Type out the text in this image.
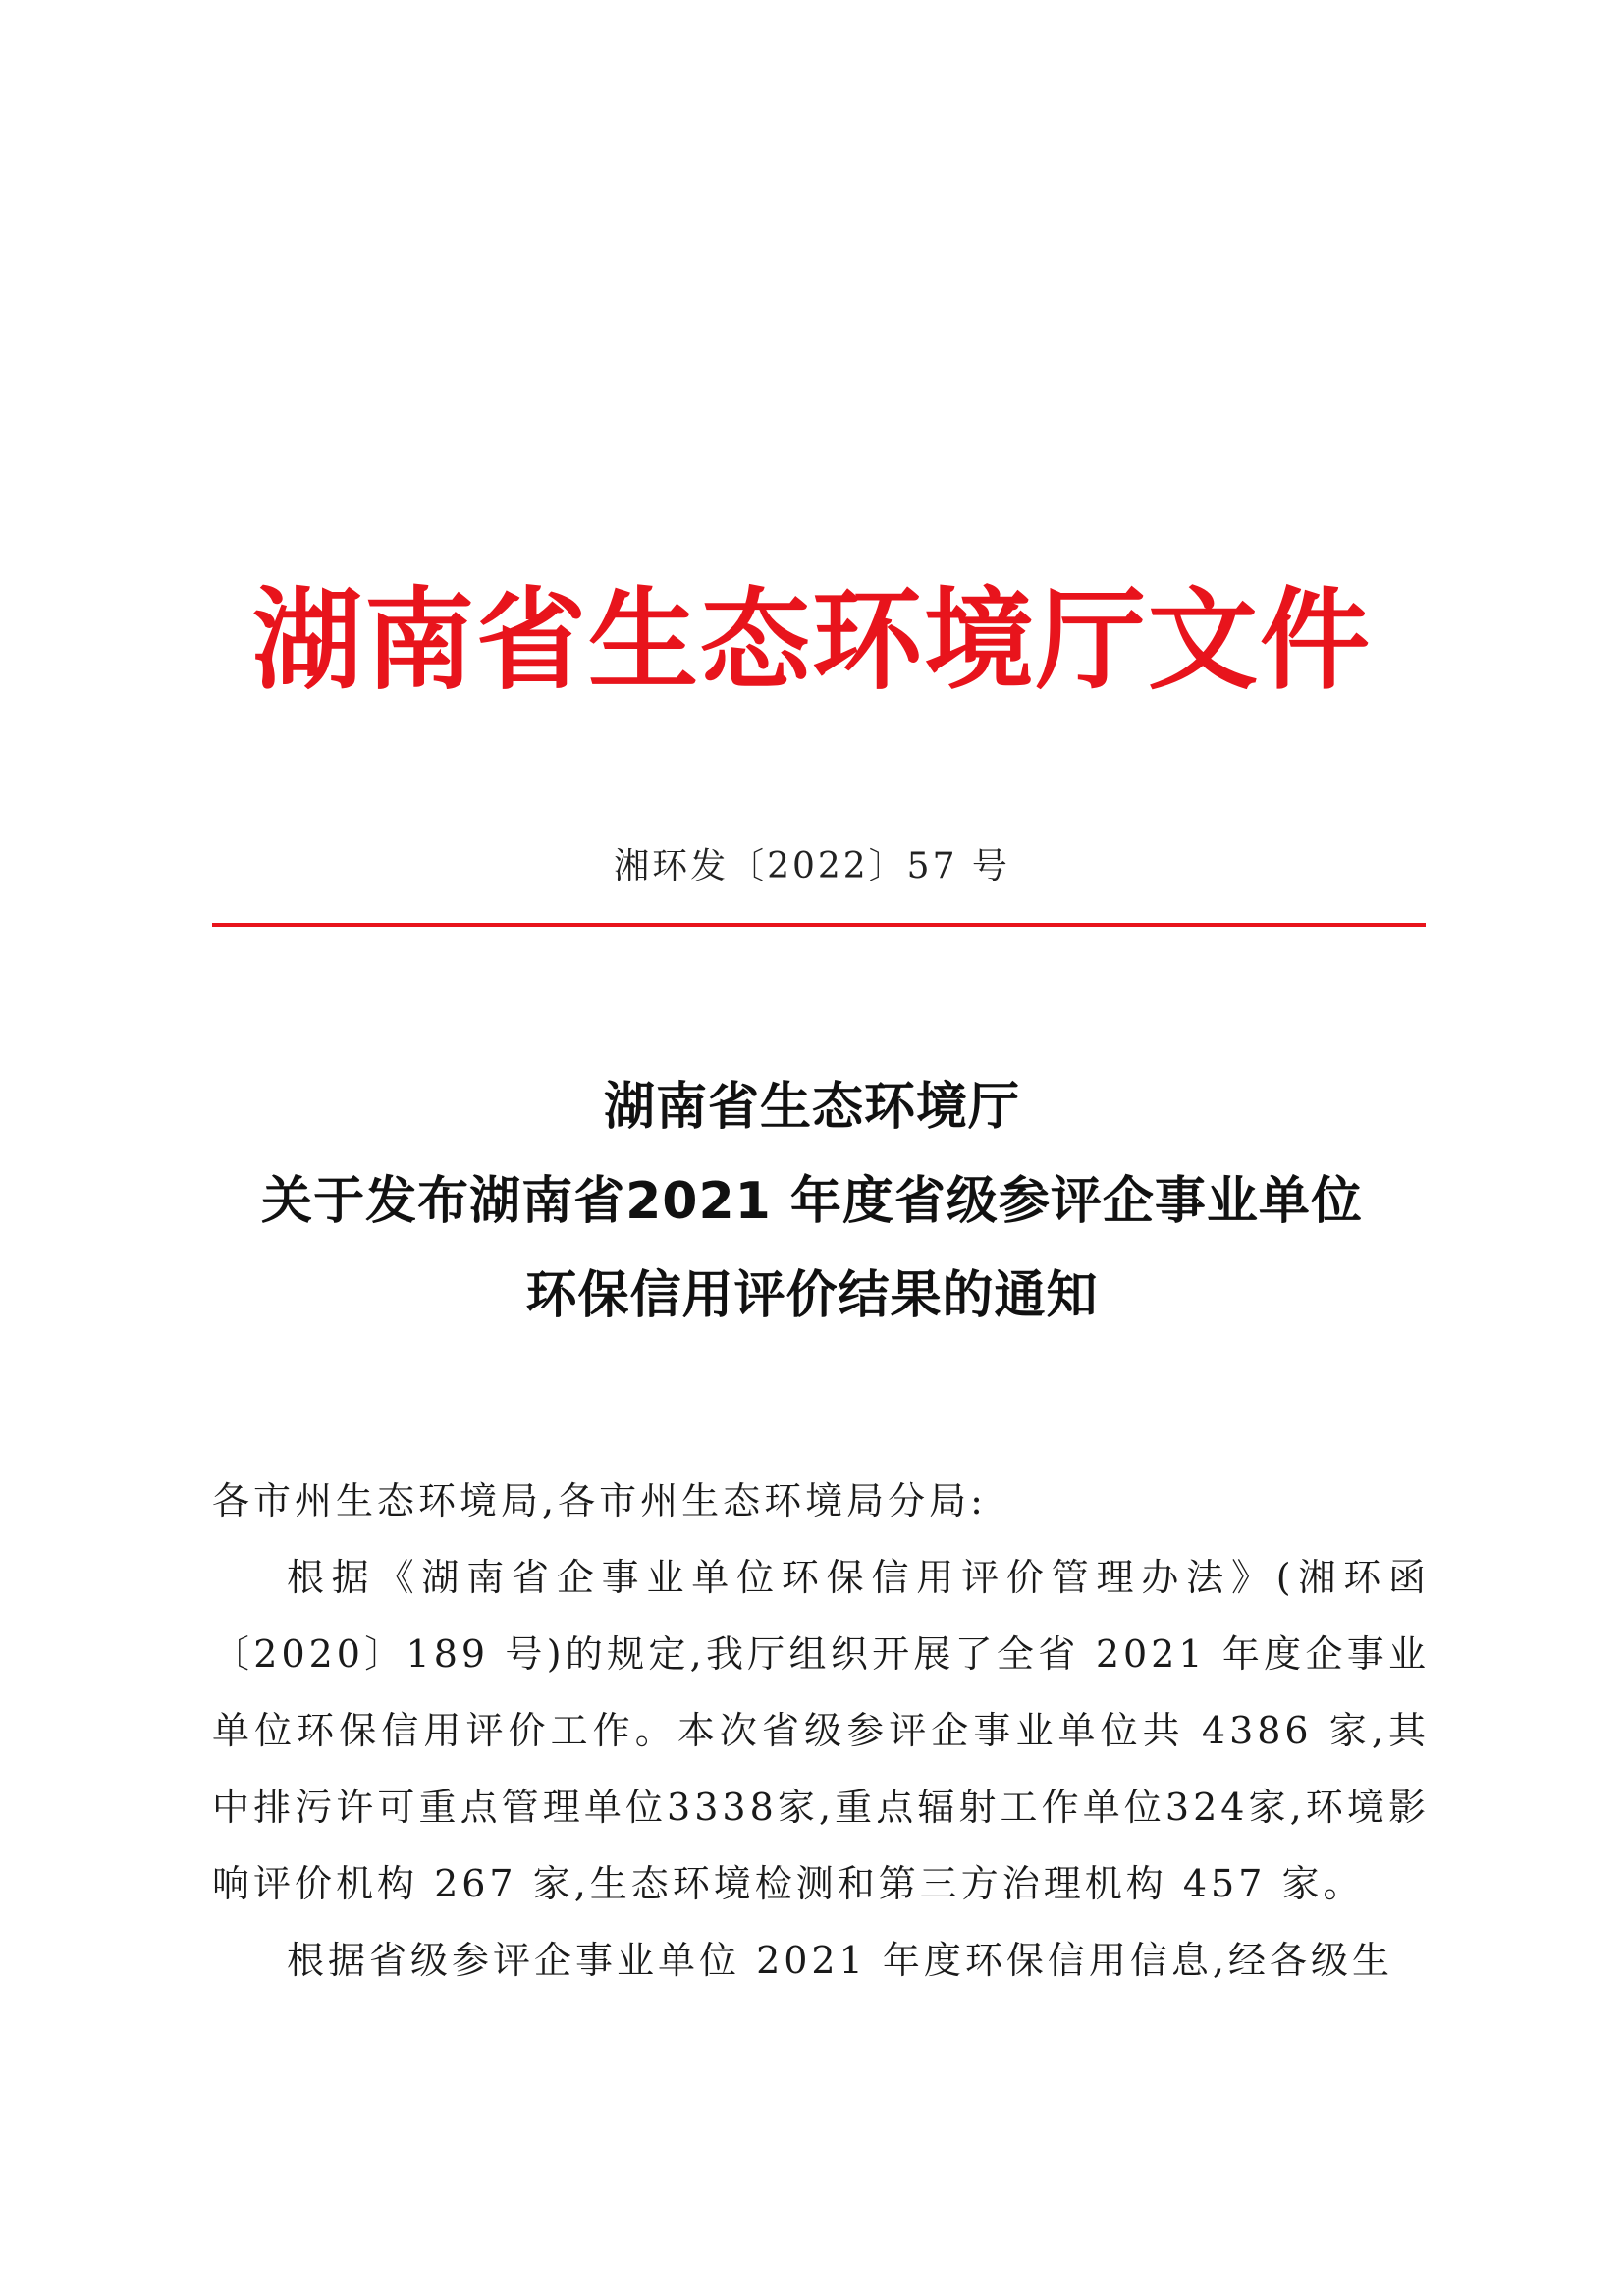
湖南省生态环境厅文件
湘环发〔2022〕57 号
湖南省生态环境厅
关于发布湖南省2021 年度省级参评企事业单位
环保信用评价结果的通知
各市州生态环境局,各市州生态环境局分局:

根据《湖南省企事业单位环保信用评价管理办法》(湘环函〔2020〕189 号)的规定,我厅组织开展了全省 2021 年度企事业单位环保信用评价工作。本次省级参评企事业单位共 4386 家,其中排污许可重点管理单位3338家,重点辐射工作单位324家,环境影响评价机构 267 家,生态环境检测和第三方治理机构 457 家。

根据省级参评企事业单位 2021 年度环保信用信息,经各级生
